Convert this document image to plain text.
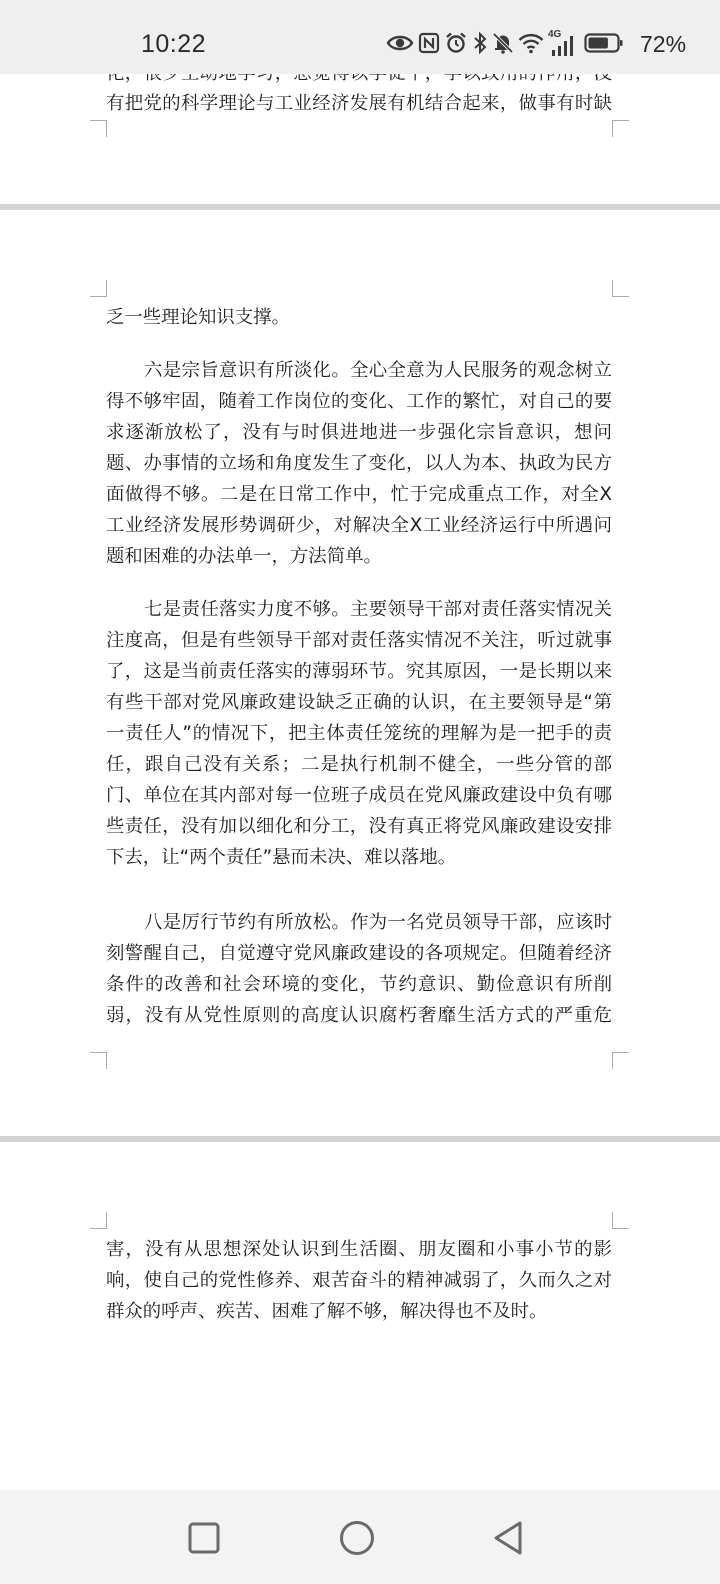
有把党的科学理论与工业经济发展有机结合起来，做事有时缺
乏一些理论知识支撑。
六是宗旨意识有所淡化。全心全意为人民服务的观念树立
得不够牢固，随着工作岗位的变化、工作的繁忙，对自己的要
求逐渐放松了，没有与时俱进地进一步强化宗旨意识，想问
题、办事情的立场和角度发生了变化，以人为本、执政为民方
面做得不够。二是在日常工作中，忙于完成重点工作，对全X
工业经济发展形势调研少，对解决全X工业经济运行中所遇问
题和困难的办法单一，方法简单。
七是责任落实力度不够。主要领导干部对责任落实情况关
注度高，但是有些领导干部对责任落实情况不关注，听过就事
了，这是当前责任落实的薄弱环节。究其原因，一是长期以来
有些干部对党风廉政建设缺乏正确的认识，在主要领导是“第
一责任人”的情况下，把主体责任笼统的理解为是一把手的责
任，跟自己没有关系；二是执行机制不健全，一些分管的部
门、单位在其内部对每一位班子成员在党风廉政建设中负有哪
些责任，没有加以细化和分工，没有真正将党风廉政建设安排
下去，让“两个责任”悬而未决、难以落地。
八是厉行节约有所放松。作为一名党员领导干部，应该时
刻警醒自己，自觉遵守党风廉政建设的各项规定。但随着经济
条件的改善和社会环境的变化，节约意识、勤俭意识有所削
弱，没有从党性原则的高度认识腐朽奢靡生活方式的严重危
害，没有从思想深处认识到生活圈、朋友圈和小事小节的影
响，使自己的党性修养、艰苦奋斗的精神减弱了，久而久之对
群众的呼声、疾苦、困难了解不够，解决得也不及时。
10:22	4G	72%
